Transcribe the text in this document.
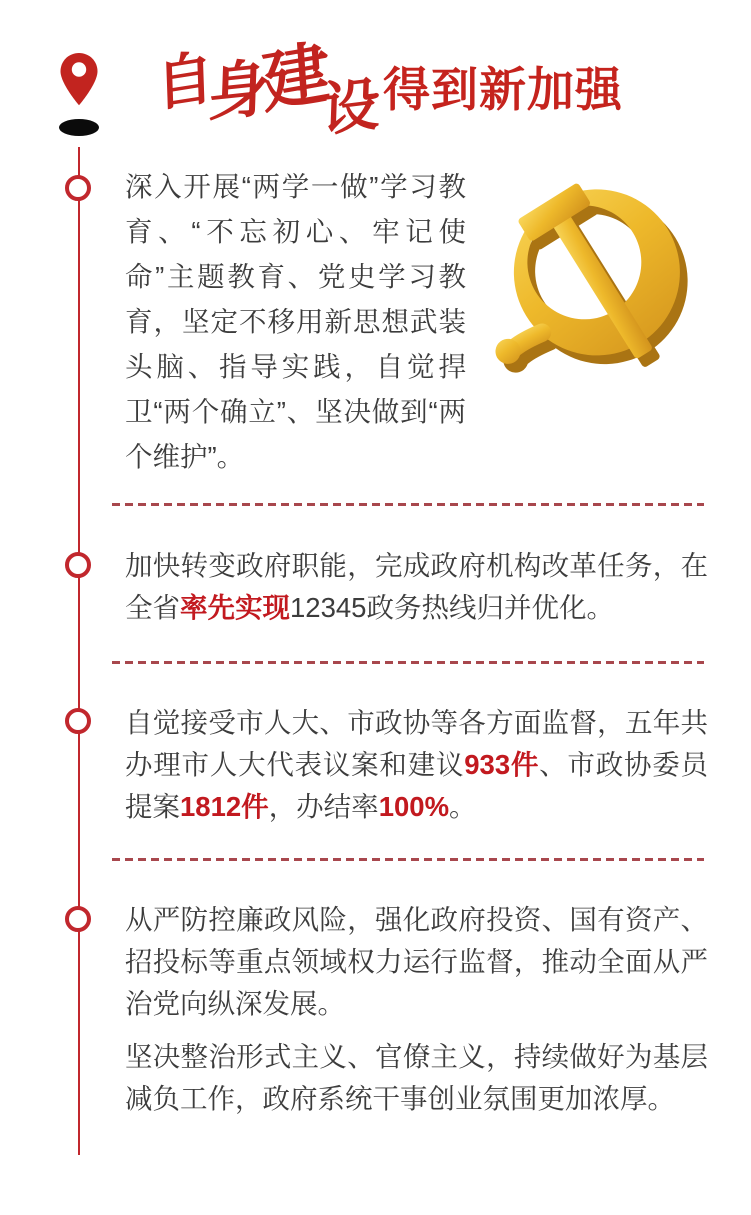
自
身
建
设 得到新加强

深入开展“两学一做”学习教育、“不忘初心、牢记使命”主题教育、党史学习教育，坚定不移用新思想武装头脑、指导实践，自觉捍卫“两个确立”、坚决做到“两个维护”。

加快转变政府职能，完成政府机构改革任务，在全省率先实现12345政务热线归并优化。

自觉接受市人大、市政协等各方面监督，五年共办理市人大代表议案和建议933件、市政协委员提案1812件，办结率100%。

从严防控廉政风险，强化政府投资、国有资产、招投标等重点领域权力运行监督，推动全面从严治党向纵深发展。

坚决整治形式主义、官僚主义，持续做好为基层减负工作，政府系统干事创业氛围更加浓厚。
